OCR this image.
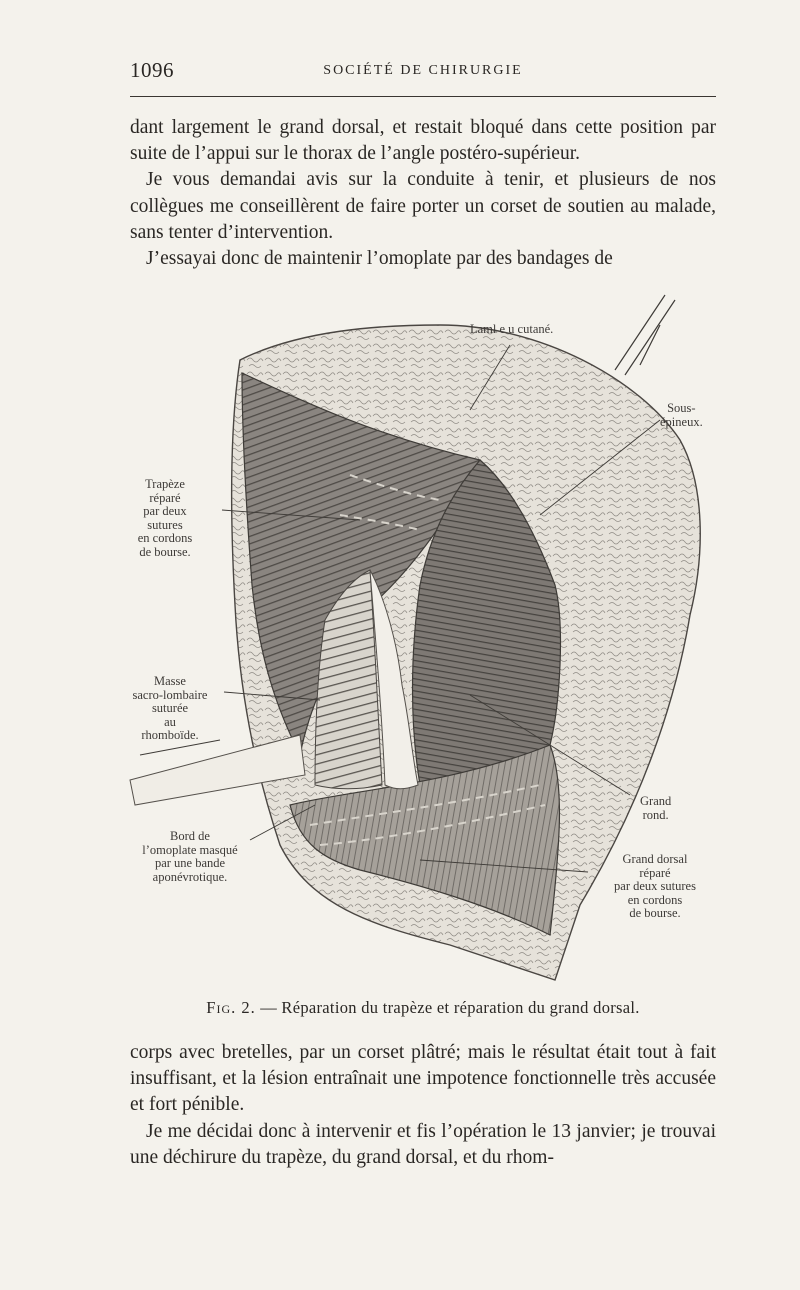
1096	SOCIÉTÉ DE CHIRURGIE

dant largement le grand dorsal, et restait bloqué dans cette position par suite de l’appui sur le thorax de l’angle postéro-supérieur.

Je vous demandai avis sur la conduite à tenir, et plusieurs de nos collègues me conseillèrent de faire porter un corset de soutien au malade, sans tenter d’intervention.

J’essayai donc de maintenir l’omoplate par des bandages de

Laml e u cutané.
Sous-
épineux.
Trapèze
réparé
par deux
sutures
en cordons
de bourse.
Masse
sacro-lombaire
suturée
au
rhomboïde.
Bord de
l’omoplate masqué
par une bande
aponévrotique.
Grand
rond.
Grand dorsal
réparé
par deux sutures
en cordons
de bourse.
Fig. 2. — Réparation du trapèze et réparation du grand dorsal.

corps avec bretelles, par un corset plâtré; mais le résultat était tout à fait insuffisant, et la lésion entraînait une impotence fonctionnelle très accusée et fort pénible.

Je me décidai donc à intervenir et fis l’opération le 13 janvier; je trouvai une déchirure du trapèze, du grand dorsal, et du rhom-
